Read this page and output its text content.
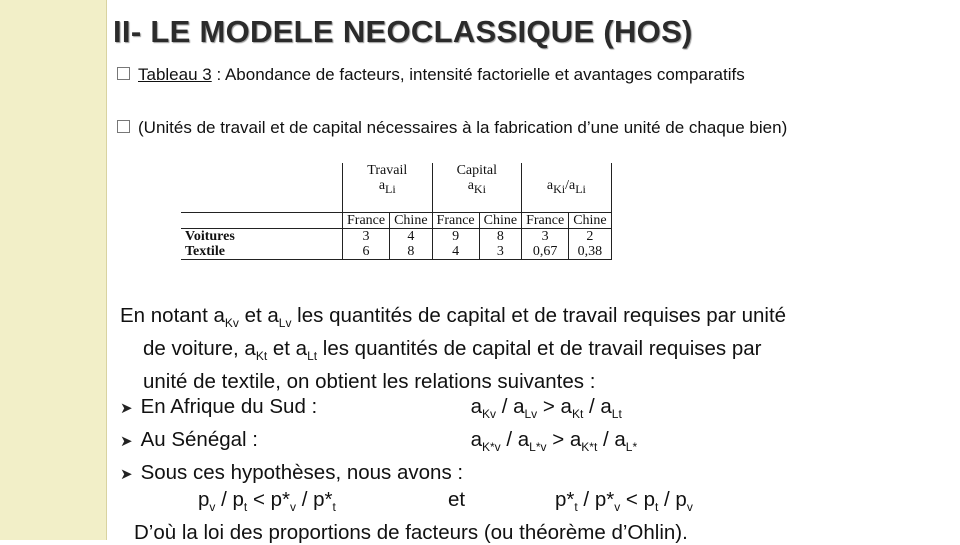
II- LE MODELE NEOCLASSIQUE (HOS)
Tableau 3 : Abondance de facteurs, intensité factorielle et avantages comparatifs
(Unités de travail et de capital nécessaires à la fabrication d’une unité de chaque bien)
	Travail		Capital			
	$a_{Li}$		$a_{Ki}$		$a_{Ki}/a_{Li}$

	France	Chine	France	Chine	France	Chine
Voitures	3	4	9	8	3	2
Textile	6	8	4	3	0,67	0,38

En notant $a_{Kv}$ et $a_{Lv}$ les quantités de capital et de travail requises par unité

de voiture, $a_{Kt}$ et $a_{Lt}$ les quantités de capital et de travail requises par

unité de textile, on obtient les relations suivantes :

➤ En Afrique du Sud :	$a_{Kv} / a_{Lv} > a_{Kt} / a_{Lt}$

➤ Au Sénégal :	$a_{K*v} / a_{L*v} > a_{K*t} / a_{L*}$

➤ Sous ces hypothèses, nous avons :

$p_v / p_t < p*_v / p*_t$	et	$p*_t / p*_v < p_t / p_v$

D’où la loi des proportions de facteurs (ou théorème d’Ohlin).
